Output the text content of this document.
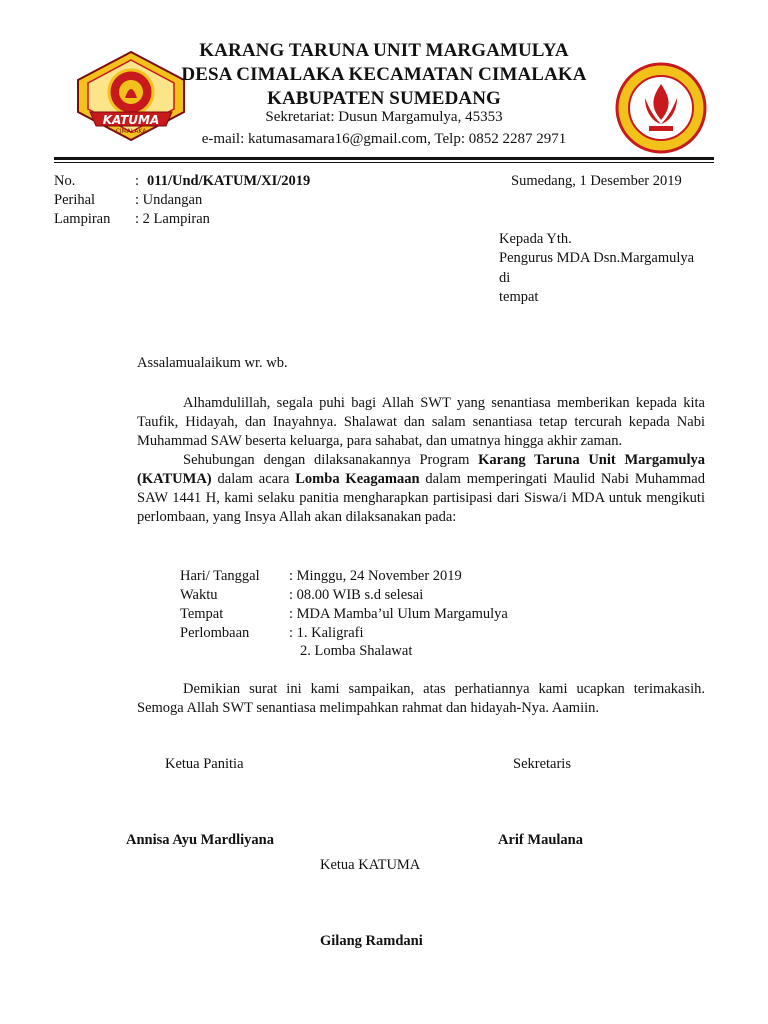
KATUMA
CIMALAKA
KARANG TARUNA UNIT MARGAMULYA
DESA CIMALAKA KECAMATAN CIMALAKA
KABUPATEN SUMEDANG
Sekretariat: Dusun Margamulya, 45353
e-mail: katumasamara16@gmail.com, Telp: 0852 2287 2971
No.	: 011/Und/KATUM/XI/2019	Sumedang, 1 Desember 2019
Perihal	: Undangan
Lampiran : 2 Lampiran
Kepada Yth.
Pengurus MDA Dsn.Margamulya
di
tempat
Assalamualaikum wr. wb.
Alhamdulillah, segala puhi bagi Allah SWT yang senantiasa memberikan kepada kita Taufik, Hidayah, dan Inayahnya. Shalawat dan salam senantiasa tetap tercurah kepada Nabi Muhammad SAW beserta keluarga, para sahabat, dan umatnya hingga akhir zaman.
Sehubungan dengan dilaksanakannya Program Karang Taruna Unit Margamulya (KATUMA) dalam acara Lomba Keagamaan dalam memperingati Maulid Nabi Muhammad SAW 1441 H, kami selaku panitia mengharapkan partisipasi dari Siswa/i MDA untuk mengikuti perlombaan, yang Insya Allah akan dilaksanakan pada:
Hari/ Tanggal : Minggu, 24 November 2019
Waktu	: 08.00 WIB s.d selesai
Tempat	: MDA Mamba’ul Ulum Margamulya
Perlombaan	: 1. Kaligrafi
2. Lomba Shalawat
Demikian surat ini kami sampaikan, atas perhatiannya kami ucapkan terimakasih. Semoga Allah SWT senantiasa melimpahkan rahmat dan hidayah-Nya. Aamiin.
Ketua Panitia	Sekretaris
Annisa Ayu Mardliyana	Arif Maulana
Ketua KATUMA
Gilang Ramdani
